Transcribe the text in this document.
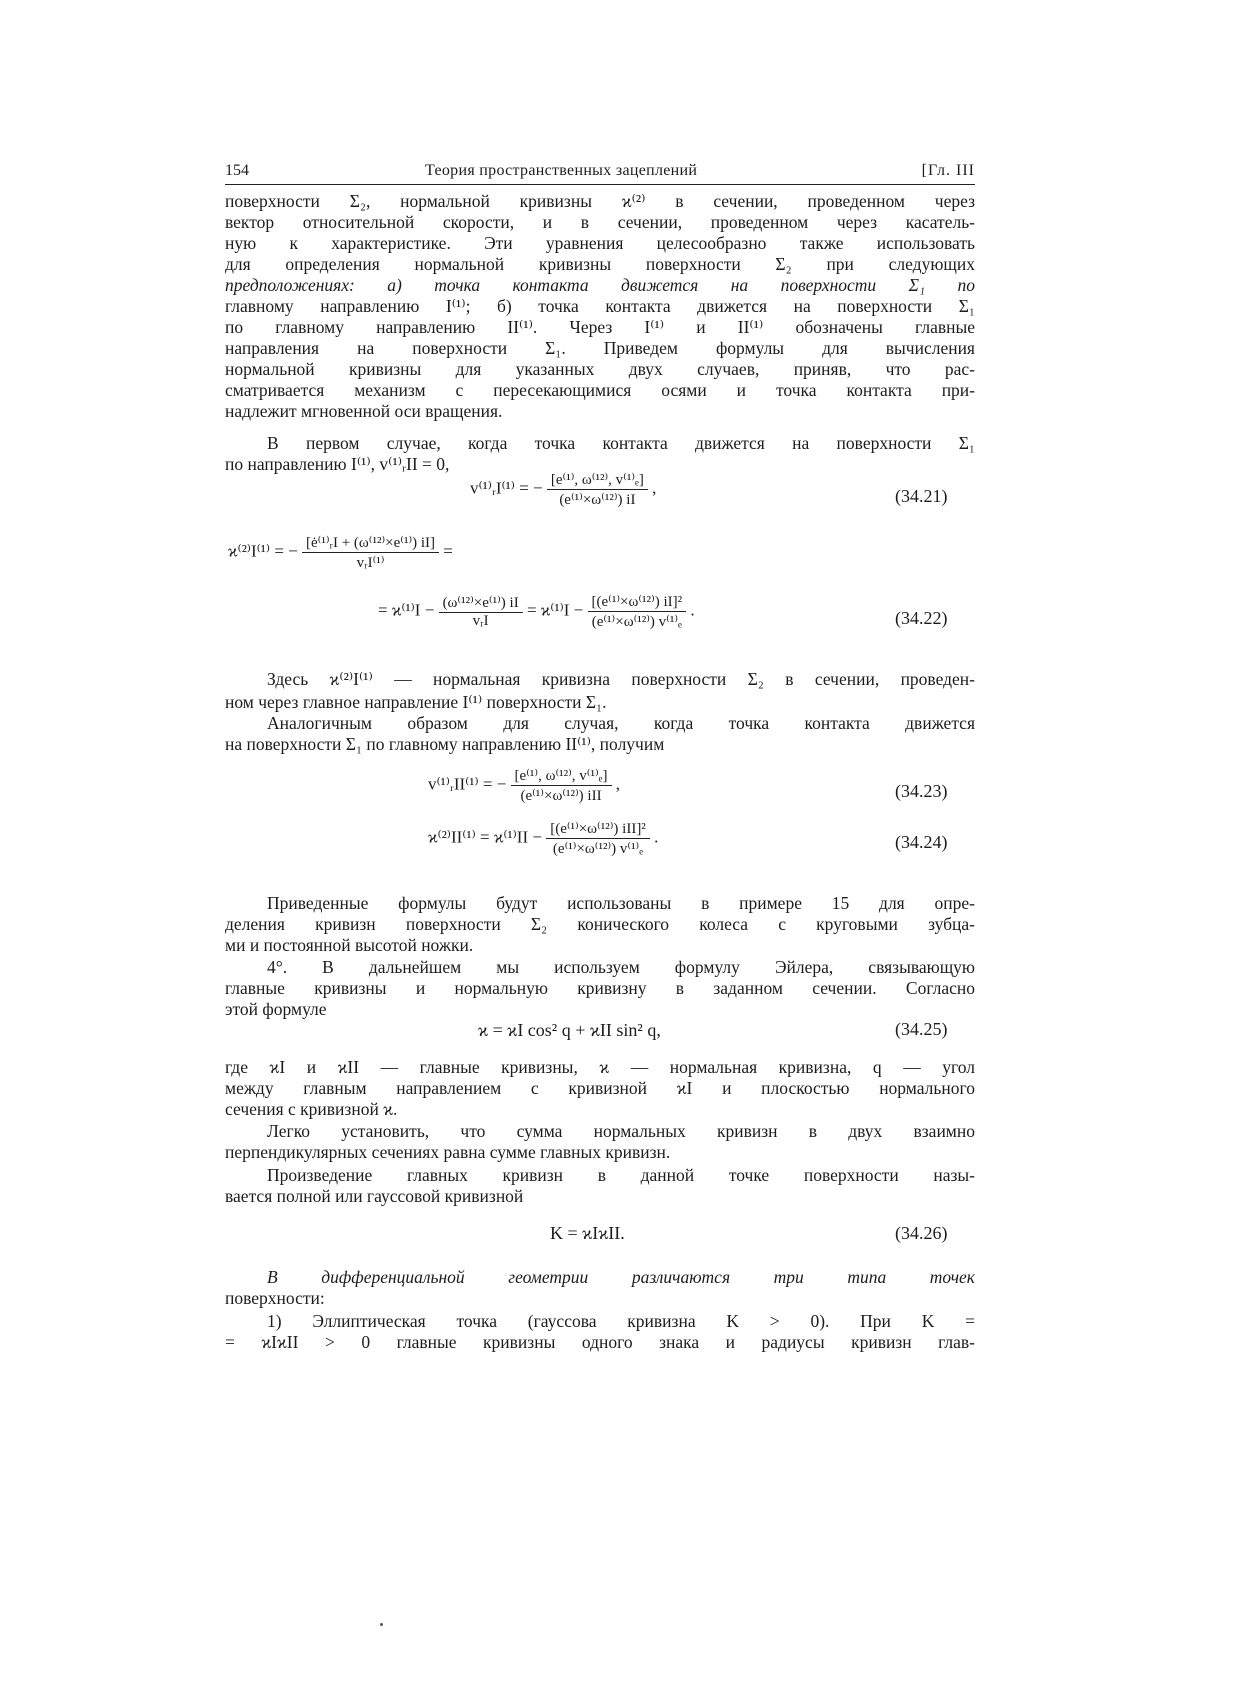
154	Теория пространственных зацеплений	[Гл. III
поверхности Σ₂, нормальной кривизны ϰ⁽²⁾ в сечении, проведенном через
вектор относительной скорости, и в сечении, проведенном через касатель-
ную к характеристике. Эти уравнения целесообразно также использовать
для определения нормальной кривизны поверхности Σ₂ при следующих
предположениях: а) точка контакта движется на поверхности Σ₁ по
главному направлению I⁽¹⁾; б) точка контакта движется на поверхности Σ₁
по главному направлению II⁽¹⁾. Через I⁽¹⁾ и II⁽¹⁾ обозначены главные
направления на поверхности Σ₁. Приведем формулы для вычисления
нормальной кривизны для указанных двух случаев, приняв, что рас-
сматривается механизм с пересекающимися осями и точка контакта при-
надлежит мгновенной оси вращения.
В первом случае, когда точка контакта движется на поверхности Σ₁
по направлению I⁽¹⁾, v⁽¹⁾ᵣII = 0,
v⁽¹⁾ᵣI⁽¹⁾ = − $\frac{\text{[e⁽¹⁾, ω⁽¹²⁾, v⁽¹⁾ₑ]}}{\text{(e⁽¹⁾×ω⁽¹²⁾) iI}}$ ,	(34.21)
ϰ⁽²⁾I⁽¹⁾ = − $\frac{\text{[ė⁽¹⁾ᵣI + (ω⁽¹²⁾×e⁽¹⁾) iI]}}{\text{vᵣI⁽¹⁾}}$ =
= $ϰ^{(1)}I - \frac{\text{(ω⁽¹²⁾×e⁽¹⁾) iI}}{\text{vᵣI}} = ϰ^{(1)}I - \frac{\text{[(e⁽¹⁾×ω⁽¹²⁾) iI]²}}{\text{(e⁽¹⁾×ω⁽¹²⁾) v⁽¹⁾ₑ}}$ .	(34.22)
Здесь ϰ⁽²⁾I⁽¹⁾ — нормальная кривизна поверхности Σ₂ в сечении, проведен-
ном через главное направление I⁽¹⁾ поверхности Σ₁.
Аналогичным образом для случая, когда точка контакта движется
на поверхности Σ₁ по главному направлению II⁽¹⁾, получим
v⁽¹⁾ᵣII⁽¹⁾ = − $\frac{\text{[e⁽¹⁾, ω⁽¹²⁾, v⁽¹⁾ₑ]}}{\text{(e⁽¹⁾×ω⁽¹²⁾) iII}}$ ,	(34.23)
$ϰ^{(2)}II^{(1)} = ϰ^{(1)}II - \frac{\text{[(e⁽¹⁾×ω⁽¹²⁾) iII]²}}{\text{(e⁽¹⁾×ω⁽¹²⁾) v⁽¹⁾ₑ}}$ .	(34.24)
Приведенные формулы будут использованы в примере 15 для опре-
деления кривизн поверхности Σ₂ конического колеса с круговыми зубца-
ми и постоянной высотой ножки.
4°. В дальнейшем мы используем формулу Эйлера, связывающую
главные кривизны и нормальную кривизну в заданном сечении. Согласно
этой формуле
ϰ = ϰI cos² q + ϰII sin² q,	(34.25)
где ϰI и ϰII — главные кривизны, ϰ — нормальная кривизна, q — угол
между главным направлением с кривизной ϰI и плоскостью нормального
сечения с кривизной ϰ.
Легко установить, что сумма нормальных кривизн в двух взаимно
перпендикулярных сечениях равна сумме главных кривизн.
Произведение главных кривизн в данной точке поверхности назы-
вается полной или гауссовой кривизной
K = ϰIϰII.	(34.26)
В дифференциальной геометрии различаются три типа точек
поверхности:
1) Эллиптическая точка (гауссова кривизна K > 0). При K =
= ϰIϰII > 0 главные кривизны одного знака и радиусы кривизн глав-
